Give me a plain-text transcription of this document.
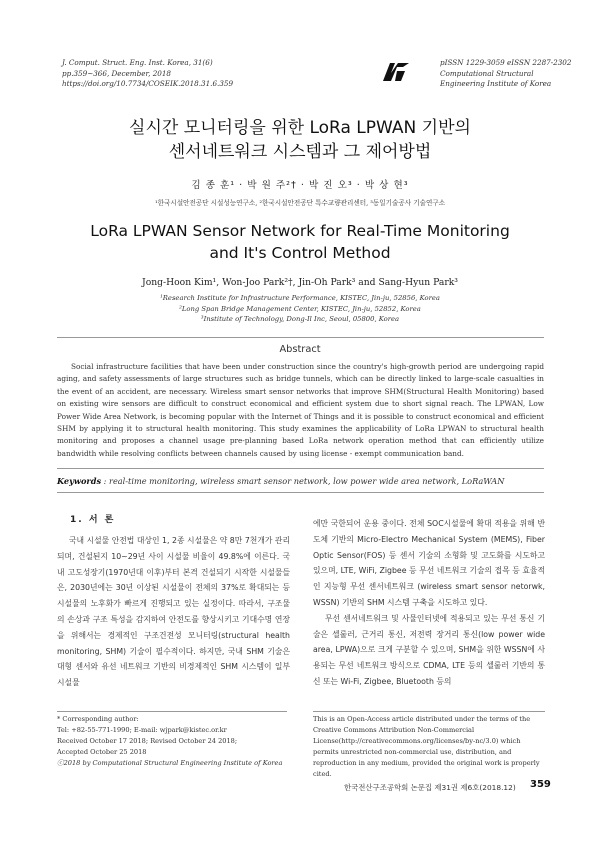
J. Comput. Struct. Eng. Inst. Korea, 31(6)
pp.359~366, December, 2018
https://doi.org/10.7734/COSEIK.2018.31.6.359
pISSN 1229-3059 eISSN 2287-2302
Computational Structural
Engineering Institute of Korea
실시간 모니터링을 위한 LoRa LPWAN 기반의
센서네트워크 시스템과 그 제어방법
김 종 훈¹ · 박 원 주²† · 박 진 오³ · 박 상 현³
¹한국시설안전공단 시설성능연구소, ²한국시설안전공단 특수교량관리센터, ³동일기술공사 기술연구소
LoRa LPWAN Sensor Network for Real-Time Monitoring
and It's Control Method
Jong-Hoon Kim¹, Won-Joo Park²†, Jin-Oh Park³ and Sang-Hyun Park³
¹Research Institute for Infrastructure Performance, KISTEC, Jin-ju, 52856, Korea
²Long Span Bridge Management Center, KISTEC, Jin-ju, 52852, Korea
³Institute of Technology, Dong-Il Inc, Seoul, 05800, Korea
Abstract
Social infrastructure facilities that have been under construction since the country's high-growth period are undergoing rapid aging, and safety assessments of large structures such as bridge tunnels, which can be directly linked to large-scale casualties in the event of an accident, are necessary. Wireless smart sensor networks that improve SHM(Structural Health Monitoring) based on existing wire sensors are difficult to construct economical and efficient system due to short signal reach. The LPWAN, Low Power Wide Area Network, is becoming popular with the Internet of Things and it is possible to construct economical and efficient SHM by applying it to structural health monitoring. This study examines the applicability of LoRa LPWAN to structural health monitoring and proposes a channel usage pre-planning based LoRa network operation method that can efficiently utilize bandwidth while resolving conflicts between channels caused by using license - exempt communication band.
Keywords : real-time monitoring, wireless smart sensor network, low power wide area network, LoRaWAN
1. 서 론

국내 시설물 안전법 대상인 1, 2종 시설물은 약 8만 7천개가 관리되며, 건설된지 10~29년 사이 시설물 비율이 49.8%에 이른다. 국내 고도성장기(1970년대 이후)부터 본격 건설되기 시작한 시설물들은, 2030년에는 30년 이상된 시설물이 전체의 37%로 확대되는 등 시설물의 노후화가 빠르게 진행되고 있는 실정이다. 따라서, 구조물의 손상과 구조 특성을 감지하여 안전도를 향상시키고 기대수명 연장을 위해서는 경제적인 구조건전성 모니터링(structural health monitoring, SHM) 기술이 필수적이다. 하지만, 국내 SHM 기술은 대형 센서와 유선 네트워크 기반의 비경제적인 SHM 시스템이 일부 시설물

에만 국한되어 운용 중이다. 전체 SOC시설물에 확대 적용을 위해 반도체 기반의 Micro-Electro Mechanical System (MEMS), Fiber Optic Sensor(FOS) 등 센서 기술의 소형화 및 고도화를 시도하고 있으며, LTE, WiFi, Zigbee 등 무선 네트워크 기술의 접목 등 효율적인 지능형 무선 센서네트워크 (wireless smart sensor netorwk, WSSN) 기반의 SHM 시스템 구축을 시도하고 있다.

무선 센서네트워크 및 사물인터넷에 적용되고 있는 무선 통신 기술은 셀룰러, 근거리 통신, 저전력 장거리 통신(low power wide area, LPWA)으로 크게 구분할 수 있으며, SHM을 위한 WSSN에 사용되는 무선 네트워크 방식으로 CDMA, LTE 등의 셀룰러 기반의 통신 또는 Wi-Fi, Zigbee, Bluetooth 등의

* Corresponding author:
Tel: +82-55-771-1990; E-mail: wjpark@kistec.or.kr
Received October 17 2018; Revised October 24 2018;
Accepted October 25 2018
ⓒ2018 by Computational Structural Engineering Institute of Korea
This is an Open-Access article distributed under the terms of the Creative Commons Attribution Non-Commercial License(http://creativecommons.org/licenses/by-nc/3.0) which permits unrestricted non-commercial use, distribution, and reproduction in any medium, provided the original work is properly cited.
한국전산구조공학회 논문집 제31권 제6호(2018.12) 359
